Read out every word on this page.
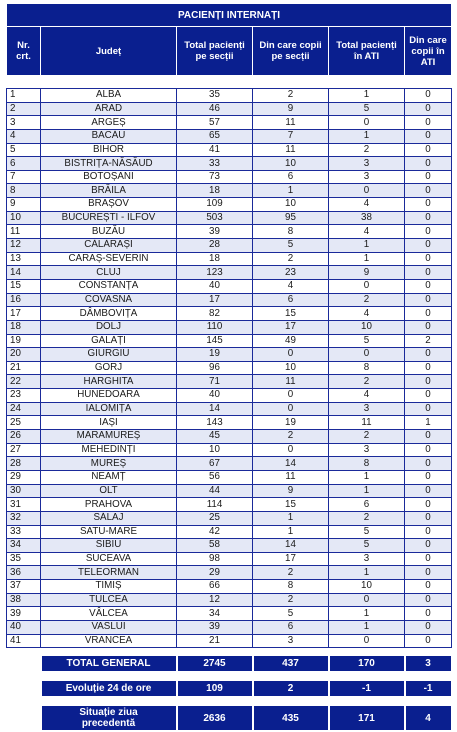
PACIENȚI INTERNAȚI					
Nr. crt.	Județ	Total pacienți pe secții	Din care copii pe secții	Total pacienți în ATI	Din care copii în ATI

1	ALBA	35	2	1	0
2	ARAD	46	9	5	0
3	ARGEȘ	57	11	0	0
4	BACĂU	65	7	1	0
5	BIHOR	41	11	2	0
6	BISTRIȚA-NĂSĂUD	33	10	3	0
7	BOTOȘANI	73	6	3	0
8	BRĂILA	18	1	0	0
9	BRAȘOV	109	10	4	0
10	BUCUREȘTI - ILFOV	503	95	38	0
11	BUZĂU	39	8	4	0
12	CĂLĂRAȘI	28	5	1	0
13	CARAȘ-SEVERIN	18	2	1	0
14	CLUJ	123	23	9	0
15	CONSTANȚA	40	4	0	0
16	COVASNA	17	6	2	0
17	DÂMBOVIȚA	82	15	4	0
18	DOLJ	110	17	10	0
19	GALAȚI	145	49	5	2
20	GIURGIU	19	0	0	0
21	GORJ	96	10	8	0
22	HARGHITA	71	11	2	0
23	HUNEDOARA	40	0	4	0
24	IALOMIȚA	14	0	3	0
25	IAȘI	143	19	11	1
26	MARAMUREȘ	45	2	2	0
27	MEHEDINȚI	10	0	3	0
28	MUREȘ	67	14	8	0
29	NEAMȚ	56	11	1	0
30	OLT	44	9	1	0
31	PRAHOVA	114	15	6	0
32	SĂLAJ	25	1	2	0
33	SATU-MARE	42	1	5	0
34	SIBIU	58	14	5	0
35	SUCEAVA	98	17	3	0
36	TELEORMAN	29	2	1	0
37	TIMIȘ	66	8	10	0
38	TULCEA	12	2	0	0
39	VÂLCEA	34	5	1	0
40	VASLUI	39	6	1	0
41	VRANCEA	21	3	0	0

	TOTAL GENERAL	2745	437	170	3

	Evoluție 24 de ore	109	2	-1	-1

	Situație ziua precedentă	2636	435	171	4
